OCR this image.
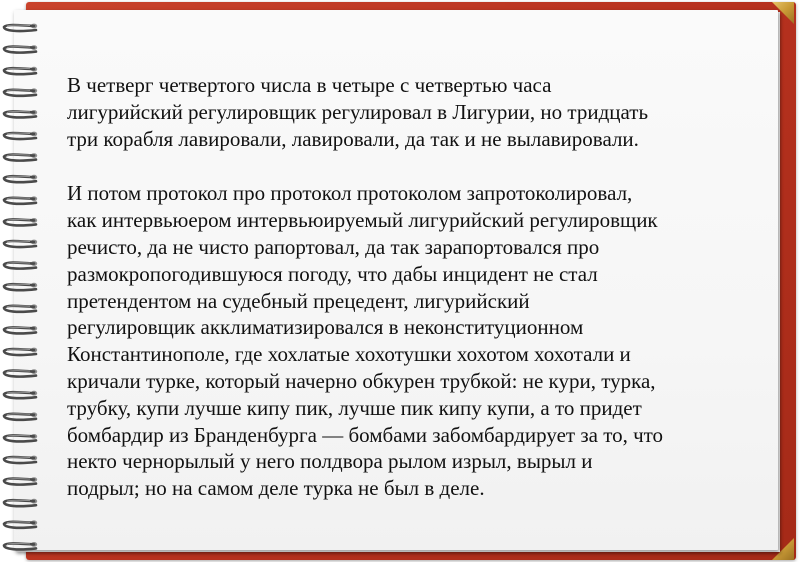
В четверг четвертого числа в четыре с четвертью часа
лигурийский регулировщик регулировал в Лигурии, но тридцать
три корабля лавировали, лавировали, да так и не вылавировали.

И потом протокол про протокол протоколом запротоколировал,
как интервьюером интервьюируемый лигурийский регулировщик
речисто, да не чисто рапортовал, да так зарапортовался про
размокропогодившуюся погоду, что дабы инцидент не стал
претендентом на судебный прецедент, лигурийский
регулировщик акклиматизировался в неконституционном
Константинополе, где хохлатые хохотушки хохотом хохотали и
кричали турке, который начерно обкурен трубкой: не кури, турка,
трубку, купи лучше кипу пик, лучше пик кипу купи, а то придет
бомбардир из Бранденбурга — бомбами забомбардирует за то, что
некто чернорылый у него полдвора рылом изрыл, вырыл и
подрыл; но на самом деле турка не был в деле.
